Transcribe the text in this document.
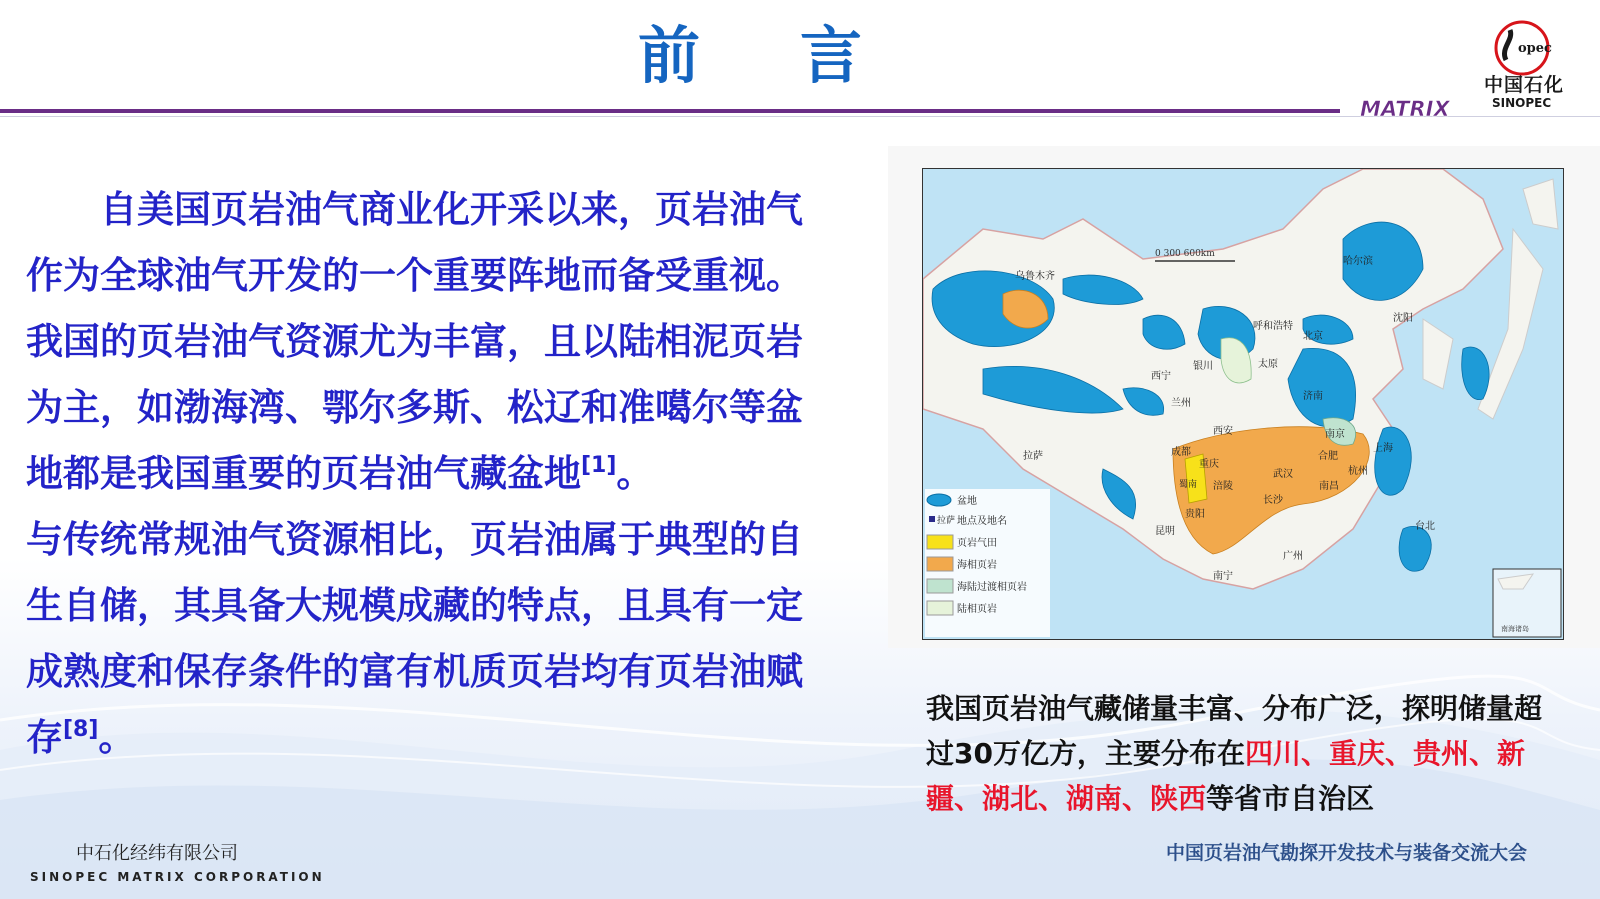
前言
MATRIX
opec
中国石化
SINOPEC

　　自美国页岩油气商业化开采以来，页岩油气作为全球油气开发的一个重要阵地而备受重视。我国的页岩油气资源尤为丰富，且以陆相泥页岩为主，如渤海湾、鄂尔多斯、松辽和准噶尔等盆地都是我国重要的页岩油气藏盆地[1]。

与传统常规油气资源相比，页岩油属于典型的自生自储，其具备大规模成藏的特点，且具有一定成熟度和保存条件的富有机质页岩均有页岩油赋存[8]。

0 300 600km
乌鲁木齐
哈尔滨
沈阳
呼和浩特
北京
银川	太原
西宁
兰州
济南
西安	南京
上海
拉萨	成都
重庆
涪陵
武汉
合肥
杭州
南昌
长沙
贵阳
昆明
广州
南宁
台北
蜀南
盆地
拉萨 地点及地名
页岩气田
海相页岩
海陆过渡相页岩
陆相页岩
南海诸岛
我国页岩油气藏储量丰富、分布广泛，探明储量超过30万亿方，主要分布在四川、重庆、贵州、新疆、湖北、湖南、陕西等省市自治区
中石化经纬有限公司
SINOPEC MATRIX CORPORATION
中国页岩油气勘探开发技术与装备交流大会
